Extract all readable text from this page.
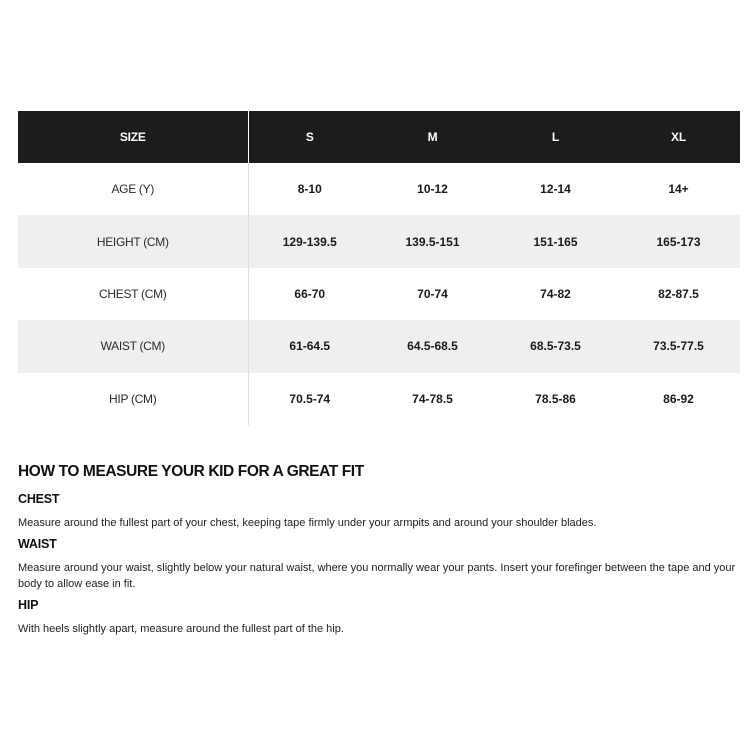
SIZE	S	M	L	XL
AGE (Y)	8-10	10-12	12-14	14+
HEIGHT (CM)	129-139.5	139.5-151	151-165	165-173
CHEST (CM)	66-70	70-74	74-82	82-87.5
WAIST (CM)	61-64.5	64.5-68.5	68.5-73.5	73.5-77.5
HIP (CM)	70.5-74	74-78.5	78.5-86	86-92
HOW TO MEASURE YOUR KID FOR A GREAT FIT
CHEST

Measure around the fullest part of your chest, keeping tape firmly under your armpits and around your shoulder blades.

WAIST

Measure around your waist, slightly below your natural waist, where you normally wear your pants. Insert your forefinger between the tape and your body to allow ease in fit.

HIP

With heels slightly apart, measure around the fullest part of the hip.
